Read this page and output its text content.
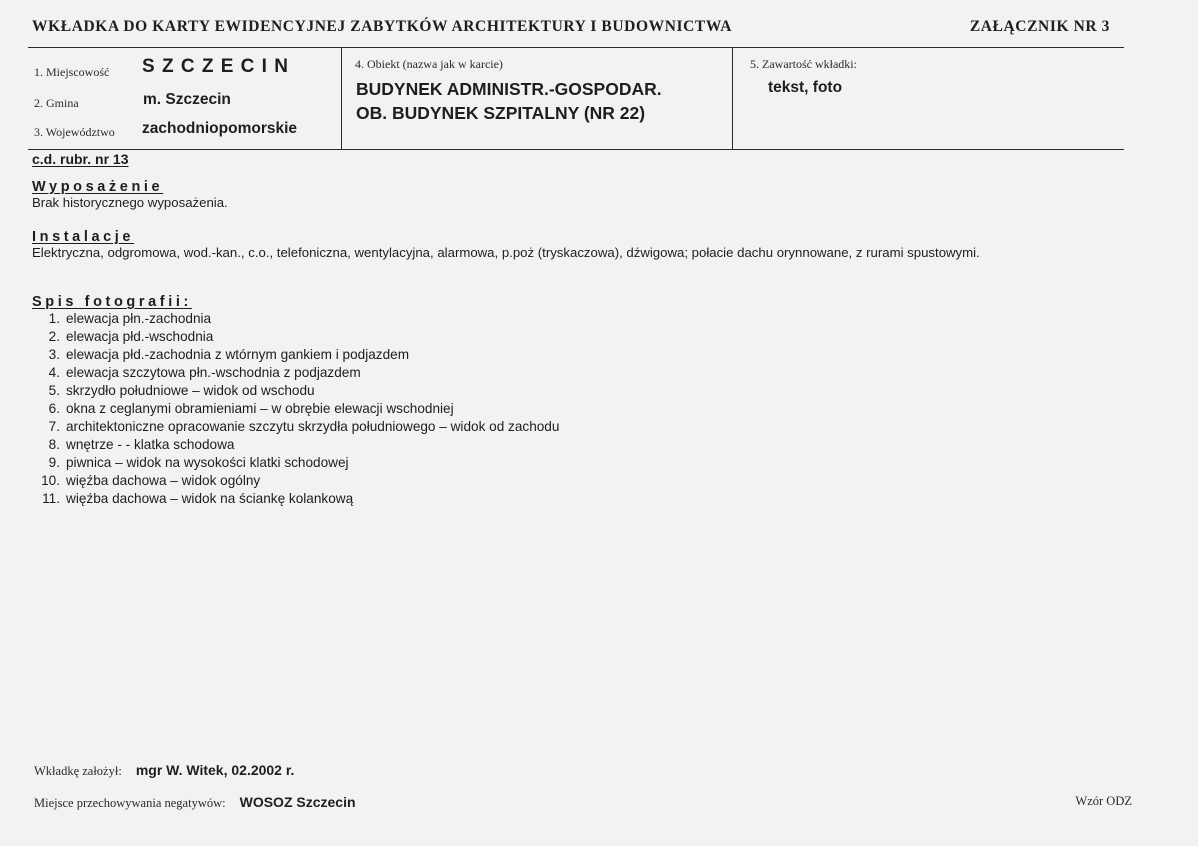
WKŁADKA DO KARTY EWIDENCYJNEJ ZABYTKÓW ARCHITEKTURY I BUDOWNICTWA	ZAŁĄCZNIK NR 3
1. Miejscowość S Z C Z E C I N
2. Gmina	m. Szczecin
3. Województwo zachodniopomorskie
4. Obiekt (nazwa jak w karcie)
BUDYNEK ADMINISTR.-GOSPODAR.
OB. BUDYNEK SZPITALNY (NR 22)
5. Zawartość wkładki:
tekst, foto
c.d. rubr. nr 13
Wyposażenie
Brak historycznego wyposażenia.
Instalacje
Elektryczna, odgromowa, wod.-kan., c.o., telefoniczna, wentylacyjna, alarmowa, p.poż (tryskaczowa), dźwigowa; połacie dachu orynnowane, z rurami spustowymi.
Spis fotografii:
1. elewacja płn.-zachodnia
2. elewacja płd.-wschodnia
3. elewacja płd.-zachodnia z wtórnym gankiem i podjazdem
4. elewacja szczytowa płn.-wschodnia z podjazdem
5. skrzydło południowe – widok od wschodu
6. okna z ceglanymi obramieniami – w obrębie elewacji wschodniej
7. architektoniczne opracowanie szczytu skrzydła południowego – widok od zachodu
8. wnętrze - - klatka schodowa
9. piwnica – widok na wysokości klatki schodowej
10. więźba dachowa – widok ogólny
11. więźba dachowa – widok na ściankę kolankową
Wkładkę założył: mgr W. Witek, 02.2002 r.
Miejsce przechowywania negatywów: WOSOZ Szczecin	Wzór ODZ
